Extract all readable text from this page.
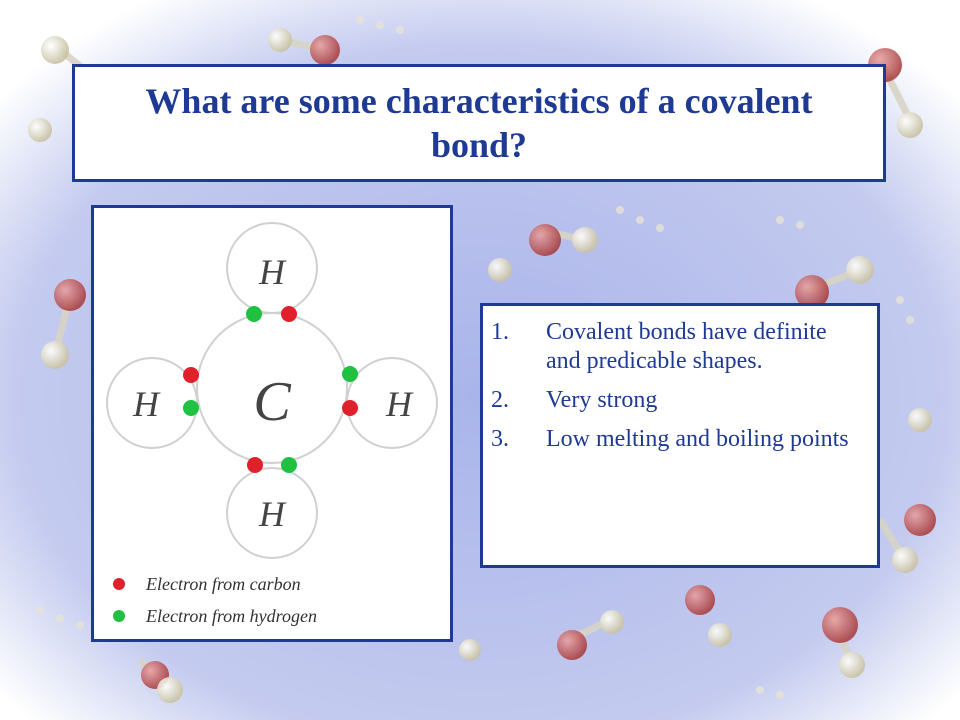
What are some characteristics of a covalent bond?
C
H
H	H
H
Electron from carbon
Electron from hydrogen
1.	Covalent bonds have definite and predicable shapes.
2.	Very strong
3.	Low melting and boiling points
